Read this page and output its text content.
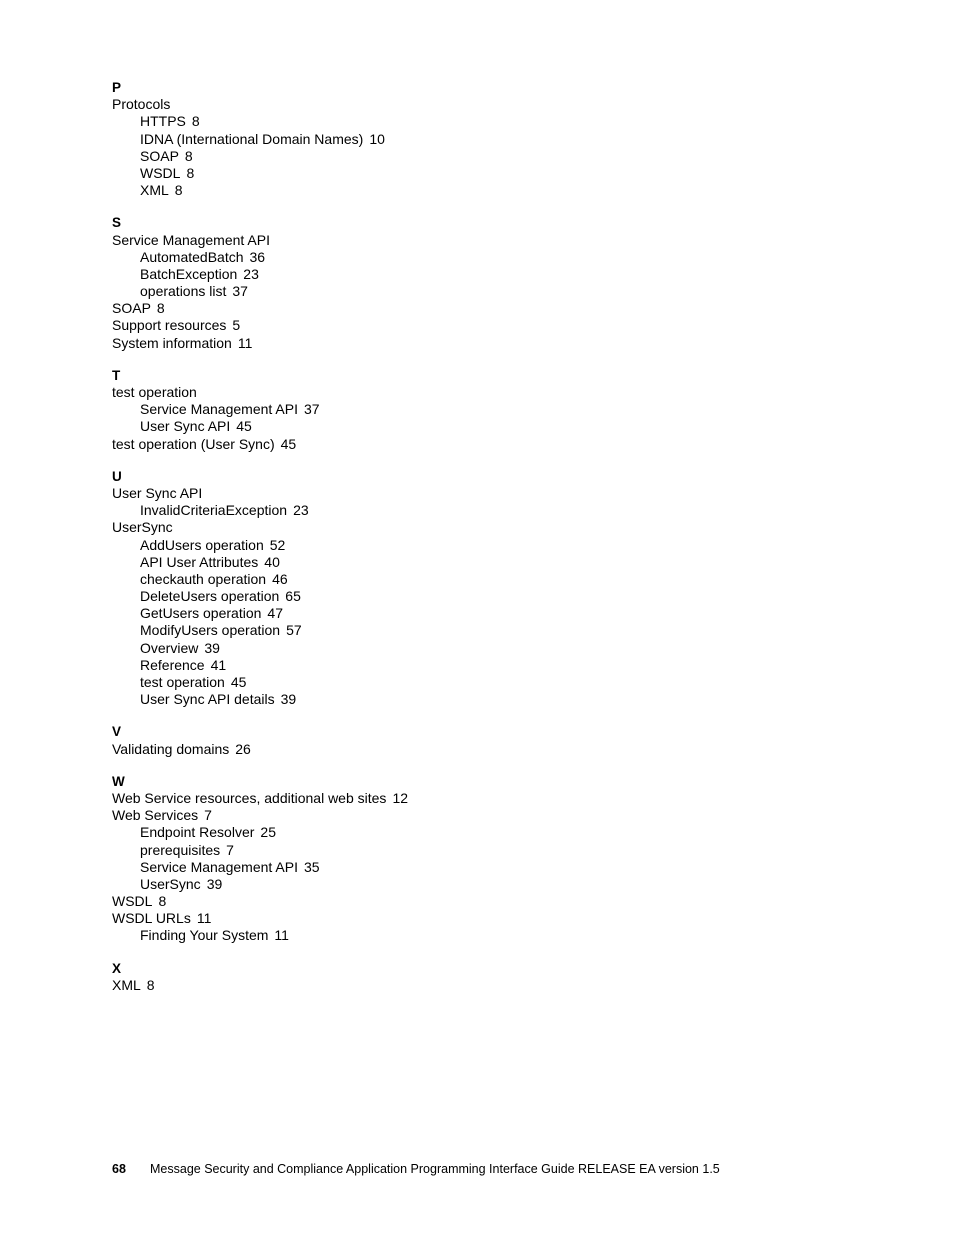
P
Protocols
HTTPS 8
IDNA (International Domain Names) 10
SOAP 8
WSDL 8
XML 8
S
Service Management API
AutomatedBatch 36
BatchException 23
operations list 37
SOAP 8
Support resources 5
System information 11
T
test operation
Service Management API 37
User Sync API 45
test operation (User Sync) 45
U
User Sync API
InvalidCriteriaException 23
UserSync
AddUsers operation 52
API User Attributes 40
checkauth operation 46
DeleteUsers operation 65
GetUsers operation 47
ModifyUsers operation 57
Overview 39
Reference 41
test operation 45
User Sync API details 39
V
Validating domains 26
W
Web Service resources, additional web sites 12
Web Services 7
Endpoint Resolver 25
prerequisites 7
Service Management API 35
UserSync 39
WSDL 8
WSDL URLs 11
Finding Your System 11
X
XML 8
68 Message Security and Compliance Application Programming Interface Guide RELEASE EA version 1.5
